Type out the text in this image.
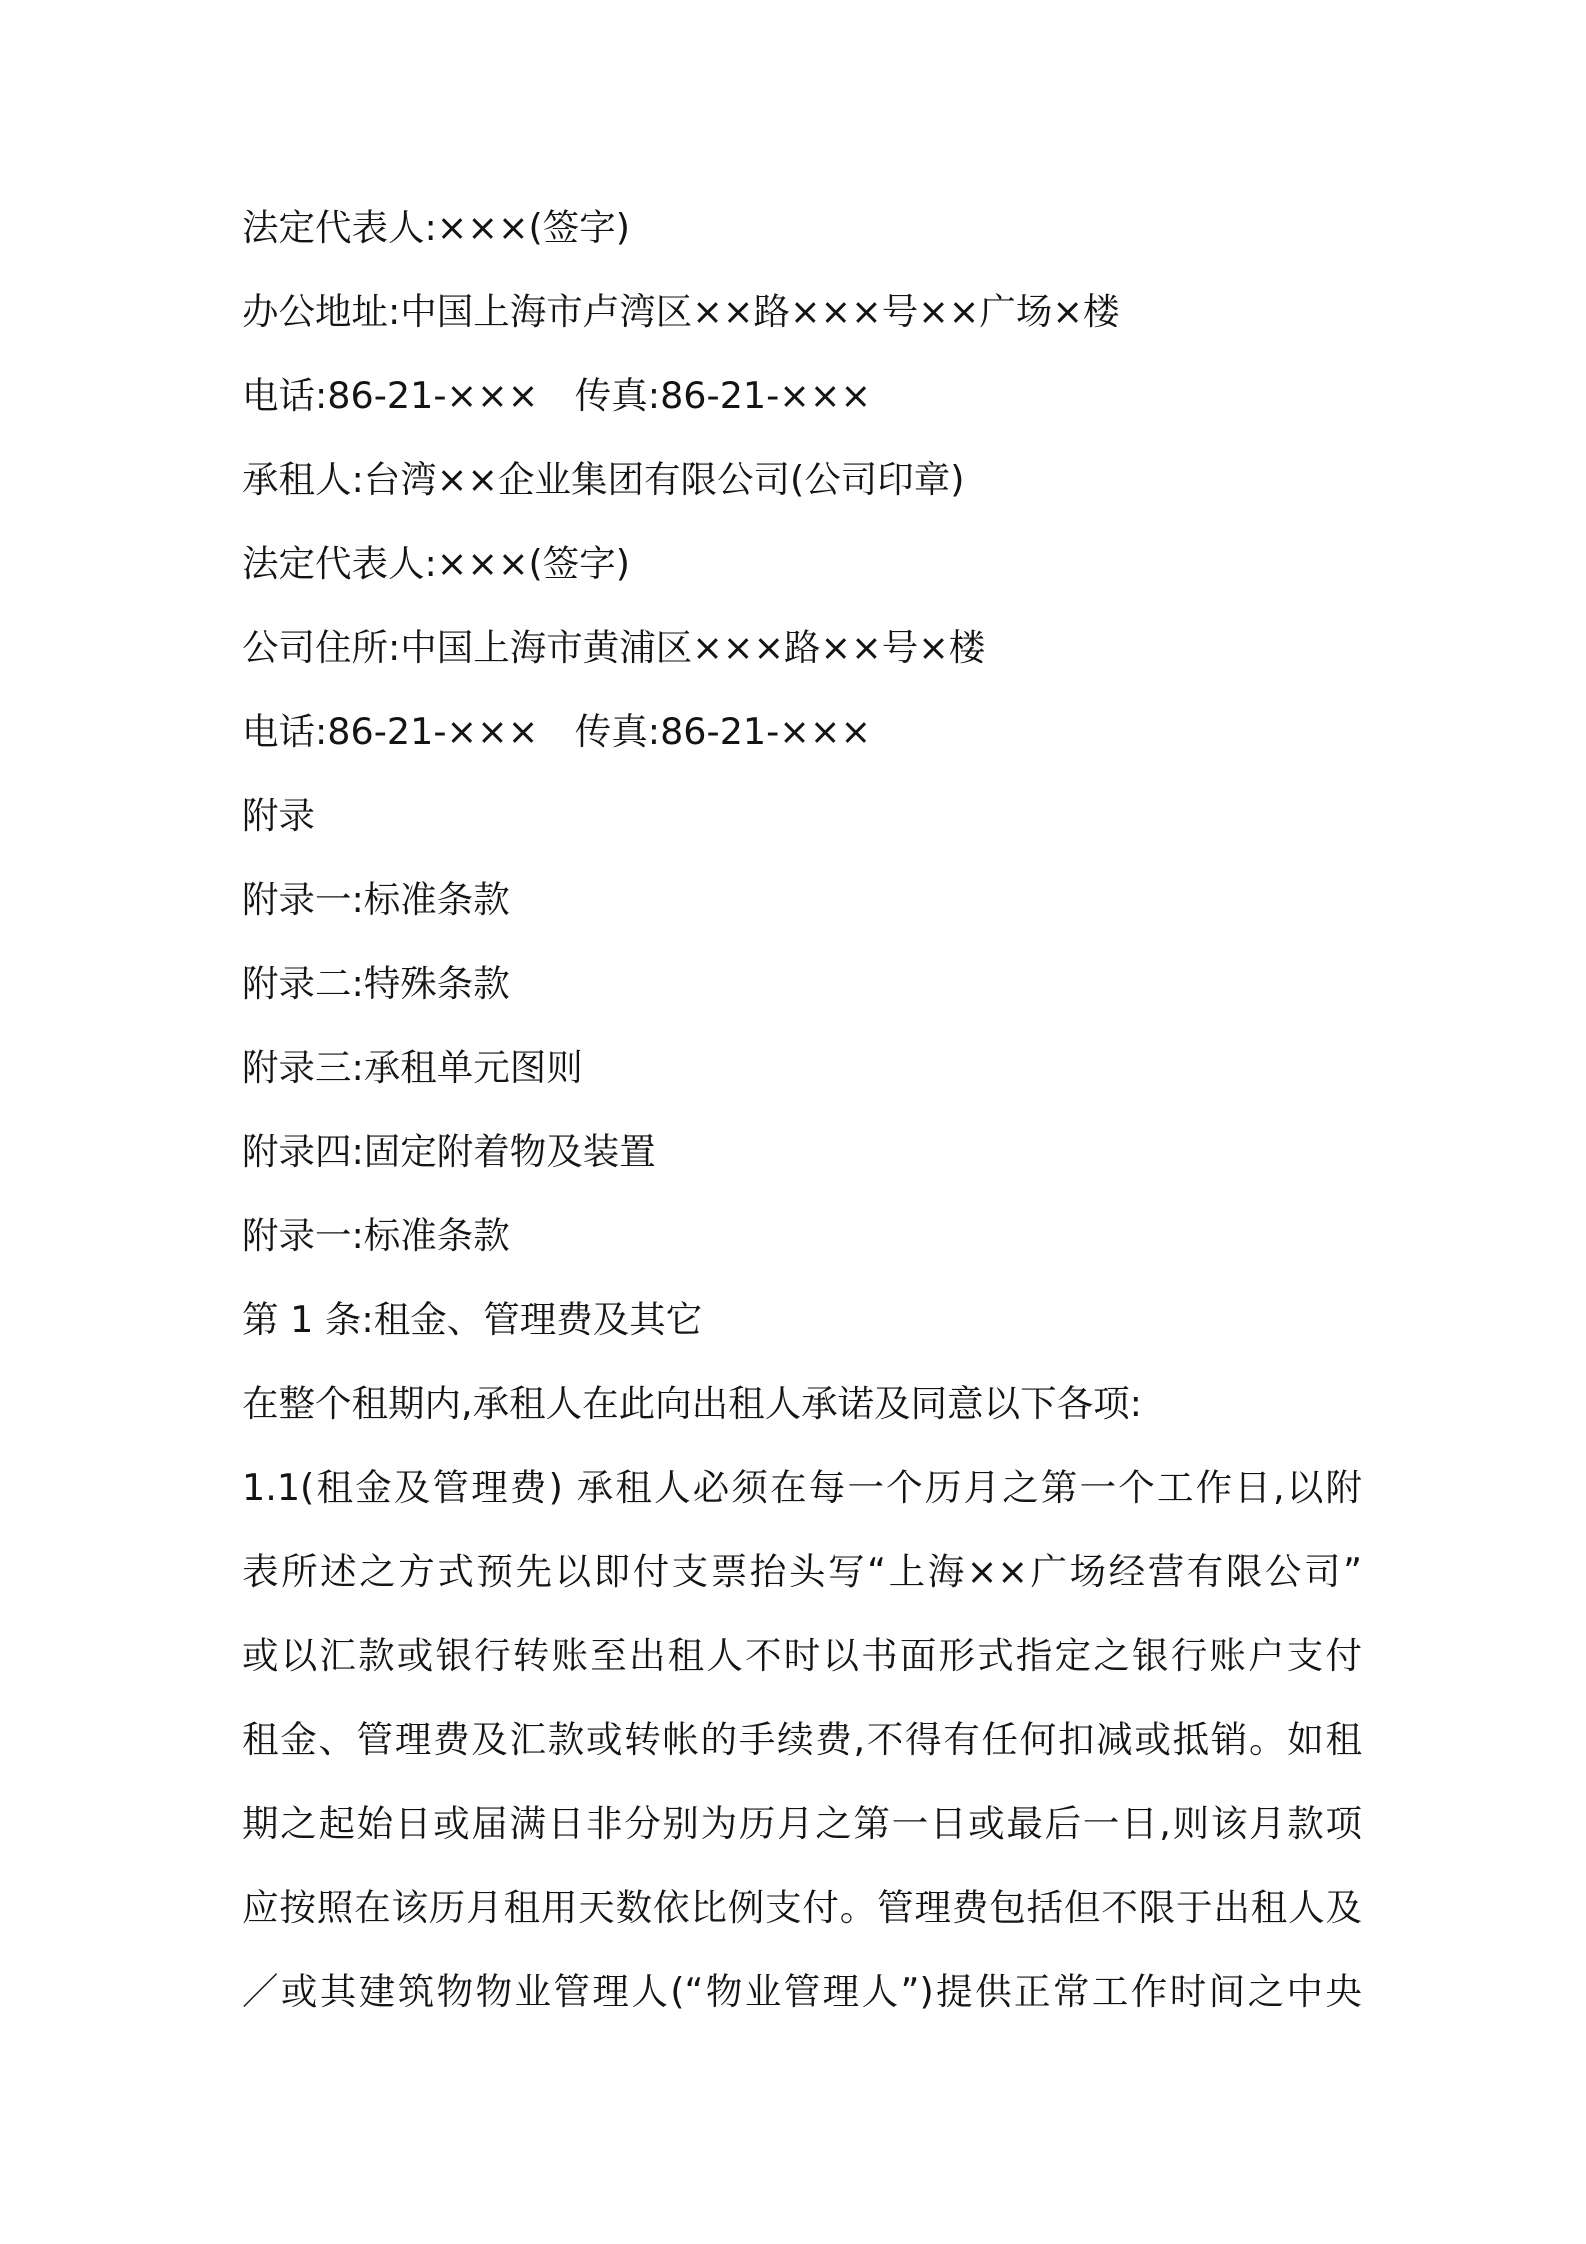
法定代表人:×××(签字)
办公地址:中国上海市卢湾区××路×××号××广场×楼
电话:86-21-×××　传真:86-21-×××
承租人:台湾××企业集团有限公司(公司印章)
法定代表人:×××(签字)
公司住所:中国上海市黄浦区×××路××号×楼
电话:86-21-×××　传真:86-21-×××
附录
附录一:标准条款
附录二:特殊条款
附录三:承租单元图则
附录四:固定附着物及装置
附录一:标准条款
第 1 条:租金、管理费及其它
在整个租期内,承租人在此向出租人承诺及同意以下各项:
1.1(租金及管理费) 承租人必须在每一个历月之第一个工作日,以附
表所述之方式预先以即付支票抬头写“上海××广场经营有限公司”
或以汇款或银行转账至出租人不时以书面形式指定之银行账户支付
租金、管理费及汇款或转帐的手续费,不得有任何扣减或抵销。如租
期之起始日或届满日非分别为历月之第一日或最后一日,则该月款项
应按照在该历月租用天数依比例支付。管理费包括但不限于出租人及
／或其建筑物物业管理人(“物业管理人”)提供正常工作时间之中央
